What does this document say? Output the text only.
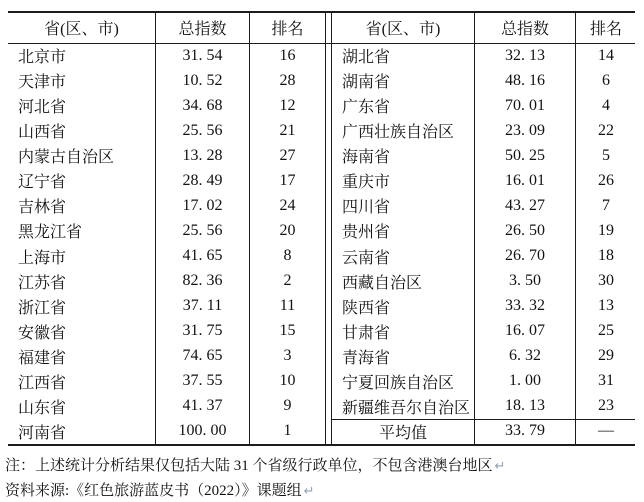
省(区、市)	总指数	排名
北京市	31. 54	16
天津市	10. 52	28
河北省	34. 68	12
山西省	25. 56	21
内蒙古自治区	13. 28	27
辽宁省	28. 49	17
吉林省	17. 02	24
黑龙江省	25. 56	20
上海市	41. 65	8
江苏省	82. 36	2
浙江省	37. 11	11
安徽省	31. 75	15
福建省	74. 65	3
江西省	37. 55	10
山东省	41. 37	9
河南省	100. 00	1
省(区、市)	总指数	排名
湖北省	32. 13	14
湖南省	48. 16	6
广东省	70. 01	4
广西壮族自治区	23. 09	22
海南省	50. 25	5
重庆市	16. 01	26
四川省	43. 27	7
贵州省	26. 50	19
云南省	26. 70	18
西藏自治区	3. 50	30
陕西省	33. 32	13
甘肃省	16. 07	25
青海省	6. 32	29
宁夏回族自治区	1. 00	31
新疆维吾尔自治区	18. 13	23
平均值	33. 79	—
注：上述统计分析结果仅包括大陆 31 个省级行政单位，不包含港澳台地区 ↵
资料来源:《红色旅游蓝皮书（2022）》课题组 ↵
